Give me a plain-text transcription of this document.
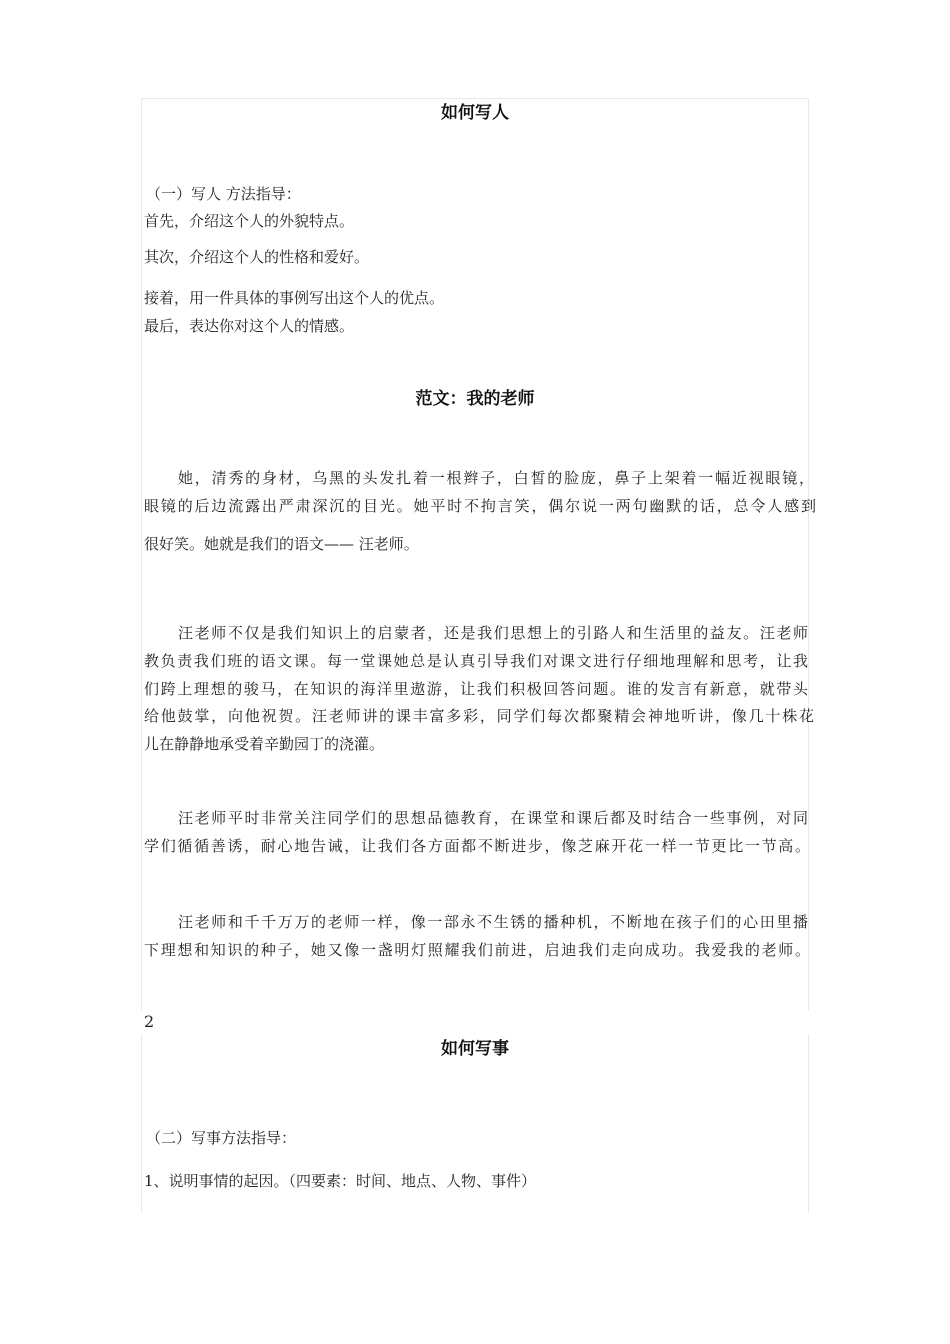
如何写人

（一）写人 方法指导：

首先，介绍这个人的外貌特点。

其次，介绍这个人的性格和爱好。

接着，用一件具体的事例写出这个人的优点。

最后，表达你对这个人的情感。

范文：我的老师

她，清秀的身材，乌黑的头发扎着一根辫子，白皙的脸庞，鼻子上架着一幅近视眼镜，

眼镜的后边流露出严肃深沉的目光。她平时不拘言笑，偶尔说一两句幽默的话，总令人感到

很好笑。她就是我们的语文—— 汪老师。

汪老师不仅是我们知识上的启蒙者，还是我们思想上的引路人和生活里的益友。汪老师

教负责我们班的语文课。每一堂课她总是认真引导我们对课文进行仔细地理解和思考，让我

们跨上理想的骏马，在知识的海洋里遨游，让我们积极回答问题。谁的发言有新意，就带头

给他鼓掌，向他祝贺。汪老师讲的课丰富多彩，同学们每次都聚精会神地听讲，像几十株花

儿在静静地承受着辛勤园丁的浇灌。

汪老师平时非常关注同学们的思想品德教育，在课堂和课后都及时结合一些事例，对同

学们循循善诱，耐心地告诫，让我们各方面都不断进步，像芝麻开花一样一节更比一节高。

汪老师和千千万万的老师一样，像一部永不生锈的播种机，不断地在孩子们的心田里播

下理想和知识的种子，她又像一盏明灯照耀我们前进，启迪我们走向成功。我爱我的老师。

2

如何写事

（二）写事方法指导：

1、说明事情的起因。（四要素：时间、地点、人物、事件）
